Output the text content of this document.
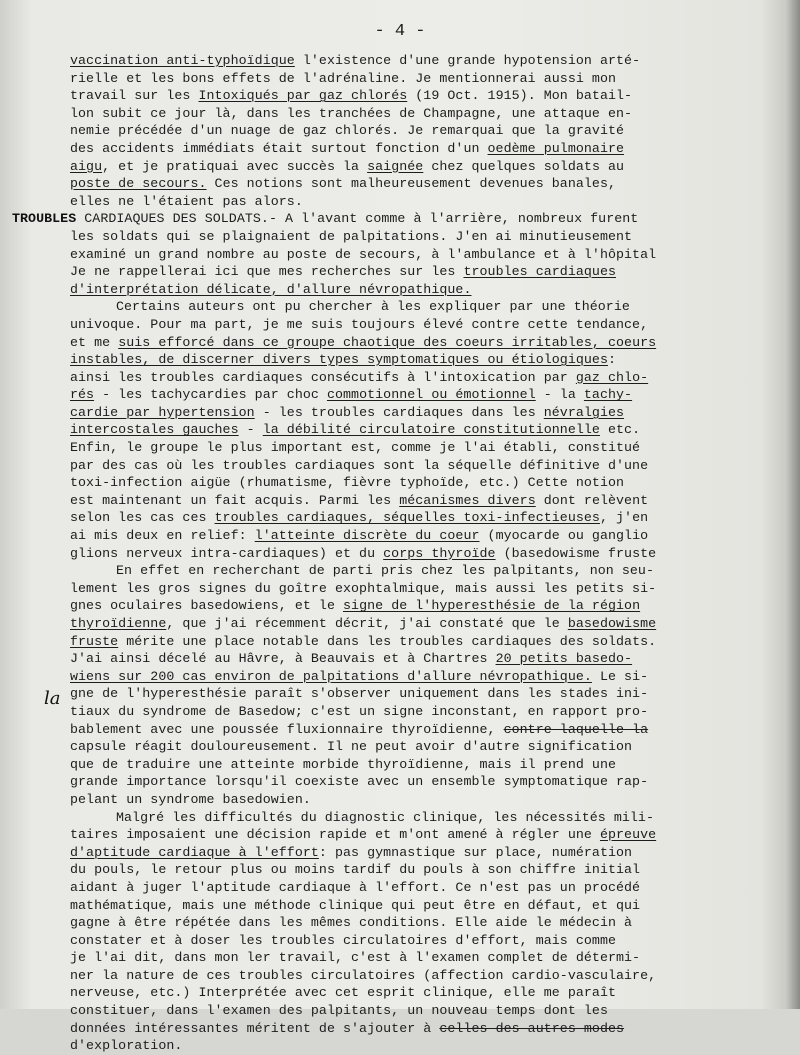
- 4 -
la
vaccination anti-typhoïdique l'existence d'une grande hypotension arté-
rielle et les bons effets de l'adrénaline. Je mentionnerai aussi mon
travail sur les Intoxiqués par gaz chlorés (19 Oct. 1915). Mon batail-
lon subit ce jour là, dans les tranchées de Champagne, une attaque en-
nemie précédée d'un nuage de gaz chlorés. Je remarquai que la gravité
des accidents immédiats était surtout fonction d'un oedème pulmonaire
aigu, et je pratiquai avec succès la saignée chez quelques soldats au
poste de secours. Ces notions sont malheureusement devenues banales,
elles ne l'étaient pas alors.
TROUBLES CARDIAQUES DES SOLDATS.- A l'avant comme à l'arrière, nombreux furent
les soldats qui se plaignaient de palpitations. J'en ai minutieusement
examiné un grand nombre au poste de secours, à l'ambulance et à l'hôpital
Je ne rappellerai ici que mes recherches sur les troubles cardiaques
d'interprétation délicate, d'allure névropathique.
Certains auteurs ont pu chercher à les expliquer par une théorie
univoque. Pour ma part, je me suis toujours élevé contre cette tendance,
et me suis efforcé dans ce groupe chaotique des coeurs irritables, coeurs
instables, de discerner divers types symptomatiques ou étiologiques:
ainsi les troubles cardiaques consécutifs à l'intoxication par gaz chlo-
rés - les tachycardies par choc commotionnel ou émotionnel - la tachy-
cardie par hypertension - les troubles cardiaques dans les névralgies
intercostales gauches - la débilité circulatoire constitutionnelle etc.
Enfin, le groupe le plus important est, comme je l'ai établi, constitué
par des cas où les troubles cardiaques sont la séquelle définitive d'une
toxi-infection aigüe (rhumatisme, fièvre typhoïde, etc.) Cette notion
est maintenant un fait acquis. Parmi les mécanismes divers dont relèvent
selon les cas ces troubles cardiaques, séquelles toxi-infectieuses, j'en
ai mis deux en relief: l'atteinte discrète du coeur (myocarde ou ganglio
glions nerveux intra-cardiaques) et du corps thyroïde (basedowisme fruste
En effet en recherchant de parti pris chez les palpitants, non seu-
lement les gros signes du goître exophtalmique, mais aussi les petits si-
gnes oculaires basedowiens, et le signe de l'hyperesthésie de la région
thyroïdienne, que j'ai récemment décrit, j'ai constaté que le basedowisme
fruste mérite une place notable dans les troubles cardiaques des soldats.
J'ai ainsi décelé au Hâvre, à Beauvais et à Chartres 20 petits basedo-
wiens sur 200 cas environ de palpitations d'allure névropathique. Le si-
gne de l'hyperesthésie paraît s'observer uniquement dans les stades ini-
tiaux du syndrome de Basedow; c'est un signe inconstant, en rapport pro-
bablement avec une poussée fluxionnaire thyroïdienne, contre laquelle la
capsule réagit douloureusement. Il ne peut avoir d'autre signification
que de traduire une atteinte morbide thyroïdienne, mais il prend une
grande importance lorsqu'il coexiste avec un ensemble symptomatique rap-
pelant un syndrome basedowien.
Malgré les difficultés du diagnostic clinique, les nécessités mili-
taires imposaient une décision rapide et m'ont amené à régler une épreuve
d'aptitude cardiaque à l'effort: pas gymnastique sur place, numération
du pouls, le retour plus ou moins tardif du pouls à son chiffre initial
aidant à juger l'aptitude cardiaque à l'effort. Ce n'est pas un procédé
mathématique, mais une méthode clinique qui peut être en défaut, et qui
gagne à être répétée dans les mêmes conditions. Elle aide le médecin à
constater et à doser les troubles circulatoires d'effort, mais comme
je l'ai dit, dans mon ler travail, c'est à l'examen complet de détermi-
ner la nature de ces troubles circulatoires (affection cardio-vasculaire,
nerveuse, etc.) Interprétée avec cet esprit clinique, elle me paraît
constituer, dans l'examen des palpitants, un nouveau temps dont les
données intéressantes méritent de s'ajouter à celles des autres modes
d'exploration.
